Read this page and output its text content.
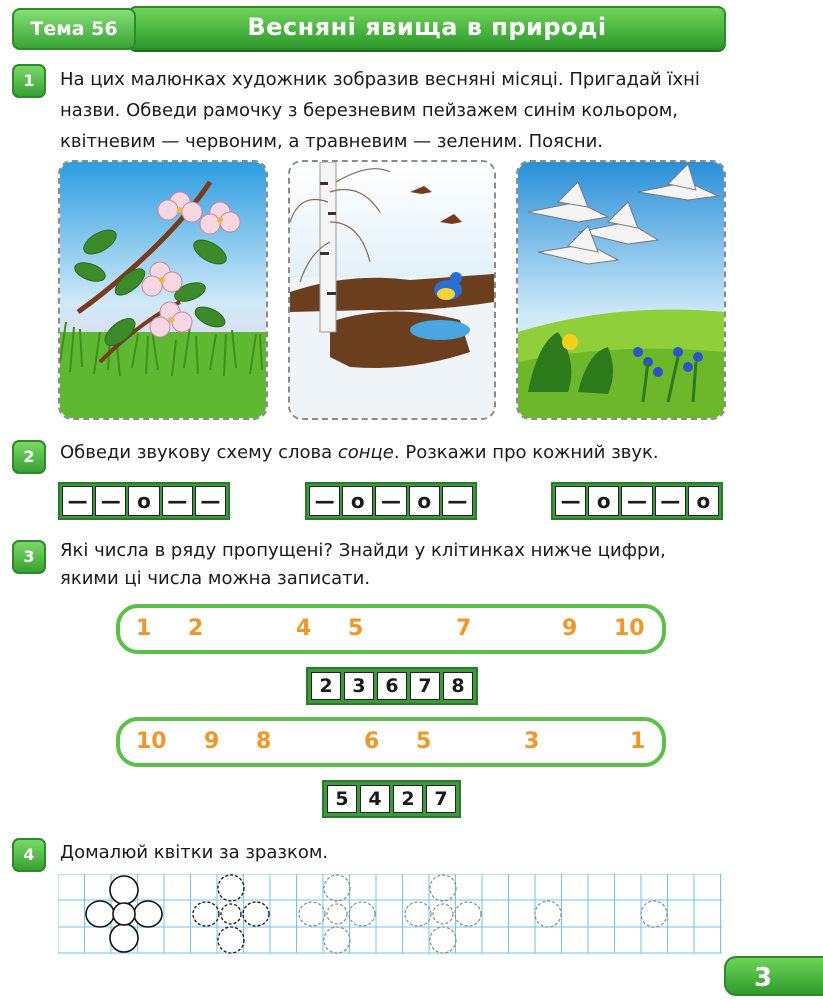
Весняні явища в природі
Тема 56
1	На цих малюнках художник зобразив весняні місяці. Пригадай їхні
назви. Обведи рамочку з березневим пейзажем синім кольором,
квітневим — червоним, а травневим — зеленим. Поясни.
2	Обведи звукову схему слова сонце. Розкажи про кожний звук.
— — о — —	— о — о —	— о — — о
3	Які числа в ряду пропущені? Знайди у клітинках нижче цифри,
якими ці числа можна записати.
1 2	4 5	7	9 10
2	3	6	7	8
10 9 8	6 5	3	1
5	4	2	7
4	Домалюй квітки за зразком.
3
